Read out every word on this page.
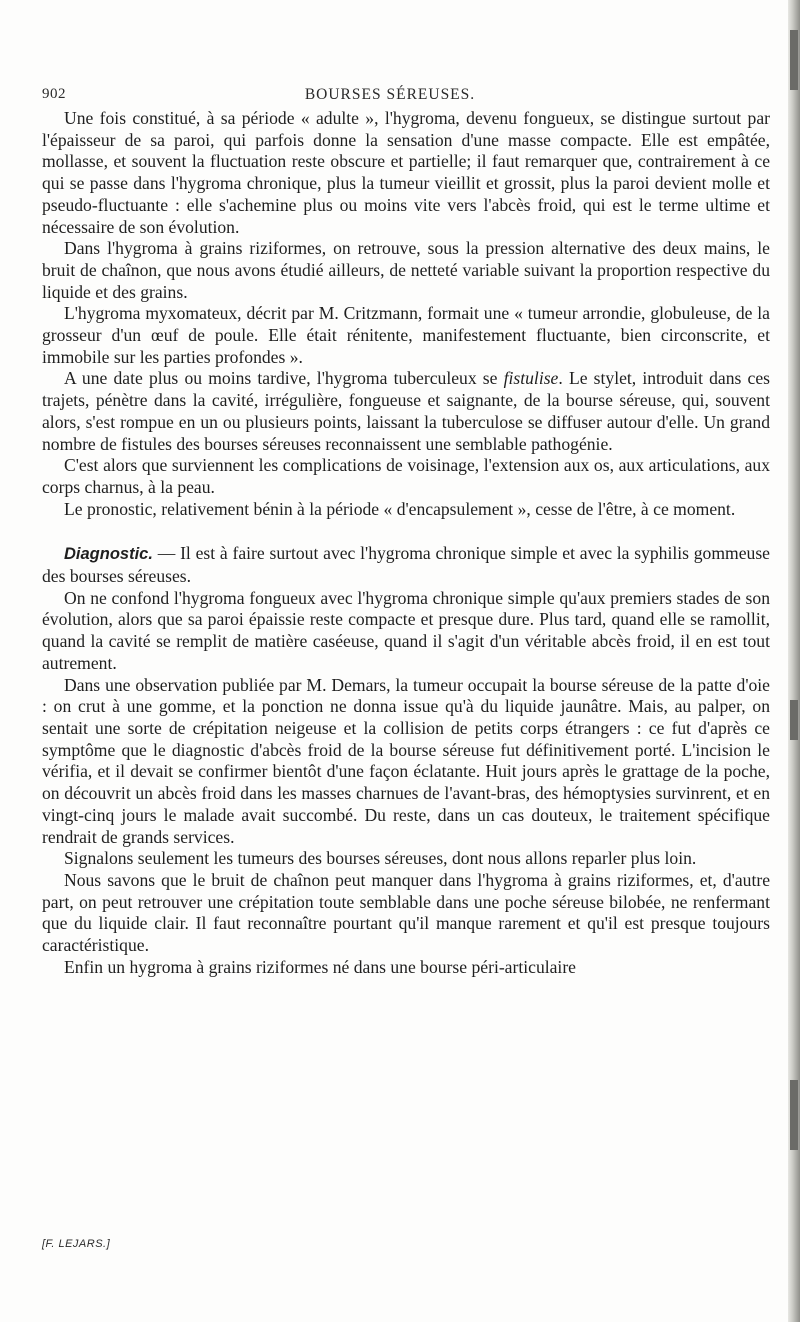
902	BOURSES SÉREUSES.

Une fois constitué, à sa période « adulte », l'hygroma, devenu fongueux, se distingue surtout par l'épaisseur de sa paroi, qui parfois donne la sensation d'une masse compacte. Elle est empâtée, mollasse, et souvent la fluctuation reste obscure et partielle; il faut remarquer que, contrairement à ce qui se passe dans l'hygroma chronique, plus la tumeur vieillit et grossit, plus la paroi devient molle et pseudo-fluctuante : elle s'achemine plus ou moins vite vers l'abcès froid, qui est le terme ultime et nécessaire de son évolution.

Dans l'hygroma à grains riziformes, on retrouve, sous la pression alternative des deux mains, le bruit de chaînon, que nous avons étudié ailleurs, de netteté variable suivant la proportion respective du liquide et des grains.

L'hygroma myxomateux, décrit par M. Critzmann, formait une « tumeur arrondie, globuleuse, de la grosseur d'un œuf de poule. Elle était rénitente, manifestement fluctuante, bien circonscrite, et immobile sur les parties profondes ».

A une date plus ou moins tardive, l'hygroma tuberculeux se fistulise. Le stylet, introduit dans ces trajets, pénètre dans la cavité, irrégulière, fongueuse et saignante, de la bourse séreuse, qui, souvent alors, s'est rompue en un ou plusieurs points, laissant la tuberculose se diffuser autour d'elle. Un grand nombre de fistules des bourses séreuses reconnaissent une semblable pathogénie.

C'est alors que surviennent les complications de voisinage, l'extension aux os, aux articulations, aux corps charnus, à la peau.

Le pronostic, relativement bénin à la période « d'encapsulement », cesse de l'être, à ce moment.

Diagnostic. — Il est à faire surtout avec l'hygroma chronique simple et avec la syphilis gommeuse des bourses séreuses.

On ne confond l'hygroma fongueux avec l'hygroma chronique simple qu'aux premiers stades de son évolution, alors que sa paroi épaissie reste compacte et presque dure. Plus tard, quand elle se ramollit, quand la cavité se remplit de matière caséeuse, quand il s'agit d'un véritable abcès froid, il en est tout autrement.

Dans une observation publiée par M. Demars, la tumeur occupait la bourse séreuse de la patte d'oie : on crut à une gomme, et la ponction ne donna issue qu'à du liquide jaunâtre. Mais, au palper, on sentait une sorte de crépitation neigeuse et la collision de petits corps étrangers : ce fut d'après ce symptôme que le diagnostic d'abcès froid de la bourse séreuse fut définitivement porté. L'incision le vérifia, et il devait se confirmer bientôt d'une façon éclatante. Huit jours après le grattage de la poche, on découvrit un abcès froid dans les masses charnues de l'avant-bras, des hémoptysies survinrent, et en vingt-cinq jours le malade avait succombé. Du reste, dans un cas douteux, le traitement spécifique rendrait de grands services.

Signalons seulement les tumeurs des bourses séreuses, dont nous allons reparler plus loin.

Nous savons que le bruit de chaînon peut manquer dans l'hygroma à grains riziformes, et, d'autre part, on peut retrouver une crépitation toute semblable dans une poche séreuse bilobée, ne renfermant que du liquide clair. Il faut reconnaître pourtant qu'il manque rarement et qu'il est presque toujours caractéristique.

Enfin un hygroma à grains riziformes né dans une bourse péri-articulaire

[F. LEJARS.]
